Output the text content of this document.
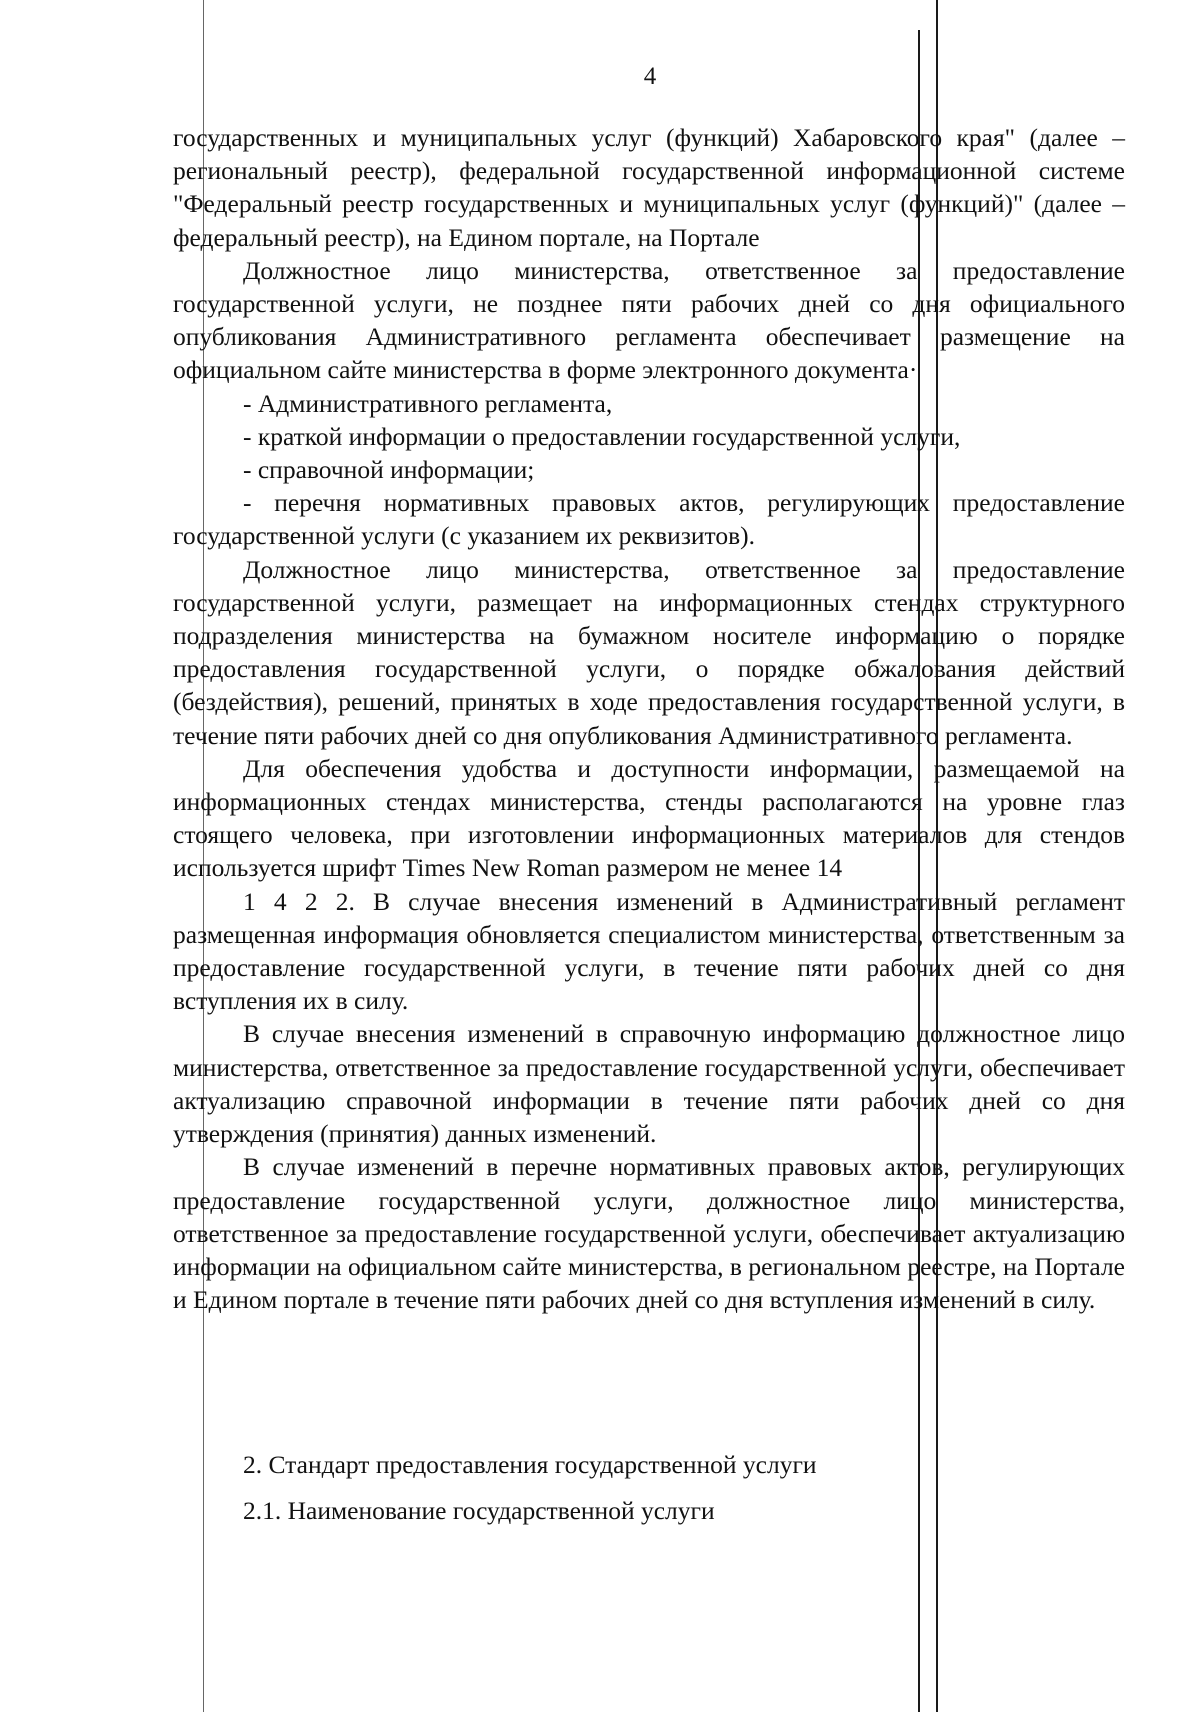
4

государственных и муниципальных услуг (функций) Хабаровского края" (далее – региональный реестр), федеральной государственной информационной системе "Федеральный реестр государственных и муниципальных услуг (функций)" (далее – федеральный реестр), на Едином портале, на Портале

Должностное лицо министерства, ответственное за предоставление государственной услуги, не позднее пяти рабочих дней со дня официального опубликования Административного регламента обеспечивает размещение на официальном сайте министерства в форме электронного документа·

- Административного регламента,

- краткой информации о предоставлении государственной услуги,

- справочной информации;

- перечня нормативных правовых актов, регулирующих предоставление государственной услуги (с указанием их реквизитов).

Должностное лицо министерства, ответственное за предоставление государственной услуги, размещает на информационных стендах структурного подразделения министерства на бумажном носителе информацию о порядке предоставления государственной услуги, о порядке обжалования действий (бездействия), решений, принятых в ходе предоставления государственной услуги, в течение пяти рабочих дней со дня опубликования Административного регламента.

Для обеспечения удобства и доступности информации, размещаемой на информационных стендах министерства, стенды располагаются на уровне глаз стоящего человека, при изготовлении информационных материалов для стендов используется шрифт Times New Roman размером не менее 14

1 4 2 2. В случае внесения изменений в Административный регламент размещенная информация обновляется специалистом министерства, ответственным за предоставление государственной услуги, в течение пяти рабочих дней со дня вступления их в силу.

В случае внесения изменений в справочную информацию должностное лицо министерства, ответственное за предоставление государственной услуги, обеспечивает актуализацию справочной информации в течение пяти рабочих дней со дня утверждения (принятия) данных изменений.

В случае изменений в перечне нормативных правовых актов, регулирующих предоставление государственной услуги, должностное лицо министерства, ответственное за предоставление государственной услуги, обеспечивает актуализацию информации на официальном сайте министерства, в региональном реестре, на Портале и Едином портале в течение пяти рабочих дней со дня вступления изменений в силу.

2. Стандарт предоставления государственной услуги
2.1. Наименование государственной услуги
